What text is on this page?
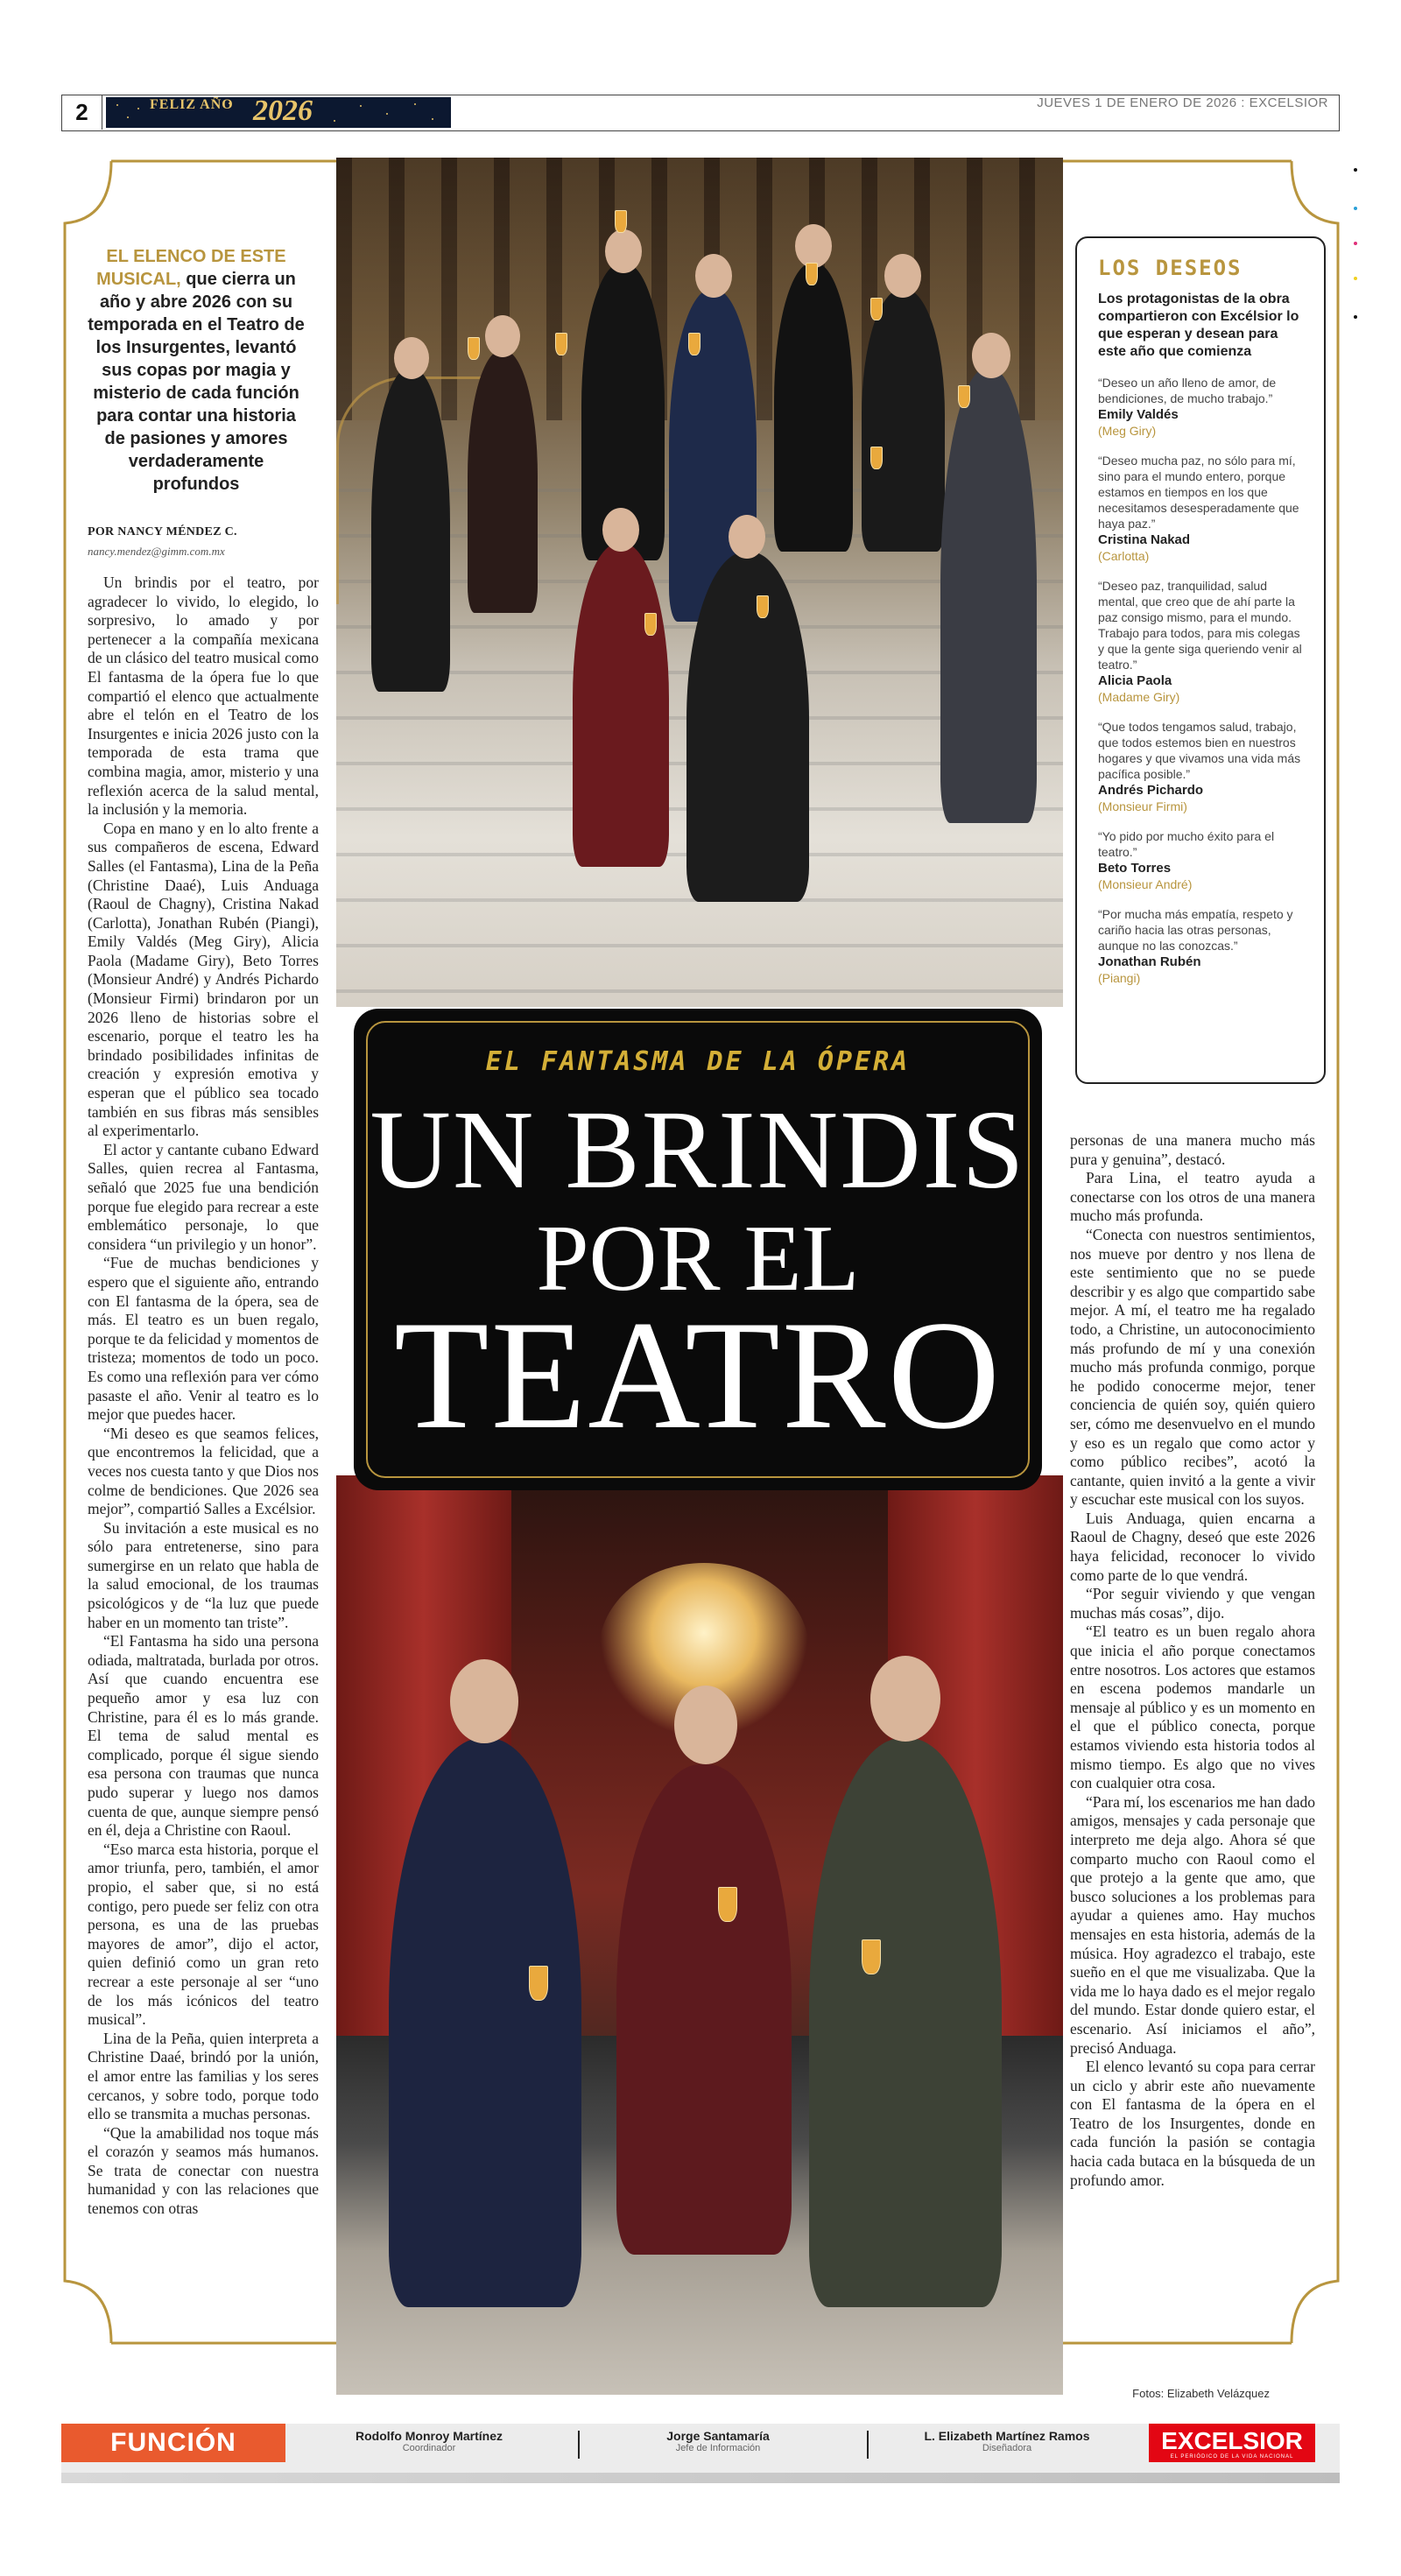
2	FELIZ AÑO 2026	JUEVES 1 DE ENERO DE 2026 : EXCELSIOR
EL FANTASMA DE LA ÓPERA
UN BRINDIS
POR EL
TEATRO
EL ELENCO DE ESTE MUSICAL, que cierra un año y abre 2026 con su temporada en el Teatro de los Insurgentes, levantó sus copas por magia y misterio de cada función para contar una historia de pasiones y amores verdaderamente profundos
POR NANCY MÉNDEZ C.
nancy.mendez@gimm.com.mx

Un brindis por el teatro, por agradecer lo vivido, lo elegido, lo sorpresivo, lo amado y por pertenecer a la compañía mexicana de un clásico del teatro musical como El fantasma de la ópera fue lo que compartió el elenco que actualmente abre el telón en el Teatro de los Insurgentes e inicia 2026 justo con la temporada de esta trama que combina magia, amor, misterio y una reflexión acerca de la salud mental, la inclusión y la memoria.

Copa en mano y en lo alto frente a sus compañeros de escena, Edward Salles (el Fantasma), Lina de la Peña (Christine Daaé), Luis Anduaga (Raoul de Chagny), Cristina Nakad (Carlotta), Jonathan Rubén (Piangi), Emily Valdés (Meg Giry), Alicia Paola (Madame Giry), Beto Torres (Monsieur André) y Andrés Pichardo (Monsieur Firmi) brindaron por un 2026 lleno de historias sobre el escenario, porque el teatro les ha brindado posibilidades infinitas de creación y expresión emotiva y esperan que el público sea tocado también en sus fibras más sensibles al experimentarlo.

El actor y cantante cubano Edward Salles, quien recrea al Fantasma, señaló que 2025 fue una bendición porque fue elegido para recrear a este emblemático personaje, lo que considera “un privilegio y un honor”.

“Fue de muchas bendiciones y espero que el siguiente año, entrando con El fantasma de la ópera, sea de más. El teatro es un buen regalo, porque te da felicidad y momentos de tristeza; momentos de todo un poco. Es como una reflexión para ver cómo pasaste el año. Venir al teatro es lo mejor que puedes hacer.

“Mi deseo es que seamos felices, que encontremos la felicidad, que a veces nos cuesta tanto y que Dios nos colme de bendiciones. Que 2026 sea mejor”, compartió Salles a Excélsior.

Su invitación a este musical es no sólo para entretenerse, sino para sumergirse en un relato que habla de la salud emocional, de los traumas psicológicos y de “la luz que puede haber en un momento tan triste”.

“El Fantasma ha sido una persona odiada, maltratada, burlada por otros. Así que cuando encuentra ese pequeño amor y esa luz con Christine, para él es lo más grande. El tema de salud mental es complicado, porque él sigue siendo esa persona con traumas que nunca pudo superar y luego nos damos cuenta de que, aunque siempre pensó en él, deja a Christine con Raoul.

“Eso marca esta historia, porque el amor triunfa, pero, también, el amor propio, el saber que, si no está contigo, pero puede ser feliz con otra persona, es una de las pruebas mayores de amor”, dijo el actor, quien definió como un gran reto recrear a este personaje al ser “uno de los más icónicos del teatro musical”.

Lina de la Peña, quien interpreta a Christine Daaé, brindó por la unión, el amor entre las familias y los seres cercanos, y sobre todo, porque todo ello se transmita a muchas personas.

“Que la amabilidad nos toque más el corazón y seamos más humanos. Se trata de conectar con nuestra humanidad y con las relaciones que tenemos con otras

LOS DESEOS
Los protagonistas de la obra compartieron con Excélsior lo que esperan y desean para este año que comienza
“Deseo un año lleno de amor, de bendiciones, de mucho trabajo.”
Emily Valdés
(Meg Giry)
“Deseo mucha paz, no sólo para mí, sino para el mundo entero, porque estamos en tiempos en los que necesitamos desesperadamente que haya paz.”
Cristina Nakad
(Carlotta)
“Deseo paz, tranquilidad, salud mental, que creo que de ahí parte la paz consigo mismo, para el mundo. Trabajo para todos, para mis colegas y que la gente siga queriendo venir al teatro.”
Alicia Paola
(Madame Giry)
“Que todos tengamos salud, trabajo, que todos estemos bien en nuestros hogares y que vivamos una vida más pacífica posible.”
Andrés Pichardo
(Monsieur Firmi)
“Yo pido por mucho éxito para el teatro.”
Beto Torres
(Monsieur André)
“Por mucha más empatía, respeto y cariño hacia las otras personas, aunque no las conozcas.”
Jonathan Rubén
(Piangi)

personas de una manera mucho más pura y genuina”, destacó.

Para Lina, el teatro ayuda a conectarse con los otros de una manera mucho más profunda.

“Conecta con nuestros sentimientos, nos mueve por dentro y nos llena de este sentimiento que no se puede describir y es algo que compartido sabe mejor. A mí, el teatro me ha regalado todo, a Christine, un autoconocimiento más profundo de mí y una conexión mucho más profunda conmigo, porque he podido conocerme mejor, tener conciencia de quién soy, quién quiero ser, cómo me desenvuelvo en el mundo y eso es un regalo que como actor y como público recibes”, acotó la cantante, quien invitó a la gente a vivir y escuchar este musical con los suyos.

Luis Anduaga, quien encarna a Raoul de Chagny, deseó que este 2026 haya felicidad, reconocer lo vivido como parte de lo que vendrá.

“Por seguir viviendo y que vengan muchas más cosas”, dijo.

“El teatro es un buen regalo ahora que inicia el año porque conectamos entre nosotros. Los actores que estamos en escena podemos mandarle un mensaje al público y es un momento en el que el público conecta, porque estamos viviendo esta historia todos al mismo tiempo. Es algo que no vives con cualquier otra cosa.

“Para mí, los escenarios me han dado amigos, mensajes y cada personaje que interpreto me deja algo. Ahora sé que comparto mucho con Raoul como el que protejo a la gente que amo, que busco soluciones a los problemas para ayudar a quienes amo. Hay muchos mensajes en esta historia, además de la música. Hoy agradezco el trabajo, este sueño en el que me visualizaba. Que la vida me lo haya dado es el mejor regalo del mundo. Estar donde quiero estar, el escenario. Así iniciamos el año”, precisó Anduaga.

El elenco levantó su copa para cerrar un ciclo y abrir este año nuevamente con El fantasma de la ópera en el Teatro de los Insurgentes, donde en cada función la pasión se contagia hacia cada butaca en la búsqueda de un profundo amor.

Fotos: Elizabeth Velázquez
FUNCIÓN	Rodolfo Monroy Martínez
Coordinador
Jorge Santamaría
Jefe de Información
L. Elizabeth Martínez Ramos
Diseñadora	EXCELSIOR
EL PERIÓDICO DE LA VIDA NACIONAL
